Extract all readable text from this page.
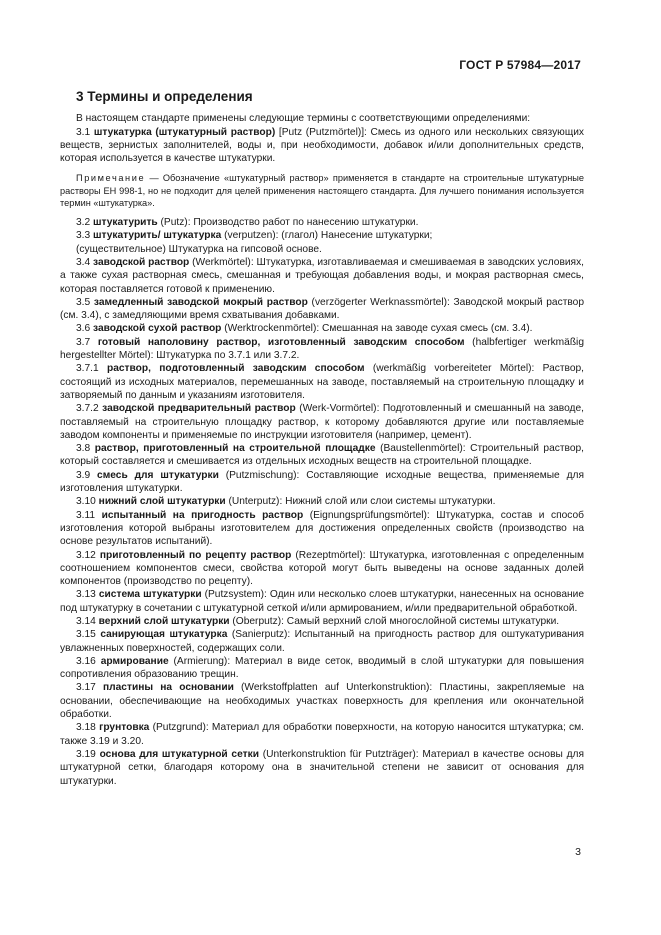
ГОСТ Р 57984—2017
3 Термины и определения

В настоящем стандарте применены следующие термины с соответствующими определениями:

3.1 штукатурка (штукатурный раствор) [Putz (Putzmörtel)]: Смесь из одного или нескольких связующих веществ, зернистых заполнителей, воды и, при необходимости, добавок и/или дополнительных средств, которая используется в качестве штукатурки.

Примечание — Обозначение «штукатурный раствор» применяется в стандарте на строительные штукатурные растворы ЕН 998-1, но не подходит для целей применения настоящего стандарта. Для лучшего понимания используется термин «штукатурка».

3.2 штукатурить (Putz): Производство работ по нанесению штукатурки.

3.3 штукатурить/ штукатурка (verputzen): (глагол) Нанесение штукатурки;

(существительное) Штукатурка на гипсовой основе.

3.4 заводской раствор (Werkmörtel): Штукатурка, изготавливаемая и смешиваемая в заводских условиях, а также сухая растворная смесь, смешанная и требующая добавления воды, и мокрая растворная смесь, которая поставляется готовой к применению.

3.5 замедленный заводской мокрый раствор (verzögerter Werknassmörtel): Заводской мокрый раствор (см. 3.4), с замедляющими время схватывания добавками.

3.6 заводской сухой раствор (Werktrockenmörtel): Смешанная на заводе сухая смесь (см. 3.4).

3.7 готовый наполовину раствор, изготовленный заводским способом (halbfertiger werkmäßig hergestellter Mörtel): Штукатурка по 3.7.1 или 3.7.2.

3.7.1 раствор, подготовленный заводским способом (werkmäßig vorbereiteter Mörtel): Раствор, состоящий из исходных материалов, перемешанных на заводе, поставляемый на строительную площадку и затворяемый по данным и указаниям изготовителя.

3.7.2 заводской предварительный раствор (Werk-Vormörtel): Подготовленный и смешанный на заводе, поставляемый на строительную площадку раствор, к которому добавляются другие или поставляемые заводом компоненты и применяемые по инструкции изготовителя (например, цемент).

3.8 раствор, приготовленный на строительной площадке (Baustellenmörtel): Строительный раствор, который составляется и смешивается из отдельных исходных веществ на строительной площадке.

3.9 смесь для штукатурки (Putzmischung): Составляющие исходные вещества, применяемые для изготовления штукатурки.

3.10 нижний слой штукатурки (Unterputz): Нижний слой или слои системы штукатурки.

3.11 испытанный на пригодность раствор (Eignungsprüfungsmörtel): Штукатурка, состав и способ изготовления которой выбраны изготовителем для достижения определенных свойств (производство на основе результатов испытаний).

3.12 приготовленный по рецепту раствор (Rezeptmörtel): Штукатурка, изготовленная с определенным соотношением компонентов смеси, свойства которой могут быть выведены на основе заданных долей компонентов (производство по рецепту).

3.13 система штукатурки (Putzsystem): Один или несколько слоев штукатурки, нанесенных на основание под штукатурку в сочетании с штукатурной сеткой и/или армированием, и/или предварительной обработкой.

3.14 верхний слой штукатурки (Oberputz): Самый верхний слой многослойной системы штукатурки.

3.15 санирующая штукатурка (Sanierputz): Испытанный на пригодность раствор для оштукатуривания увлажненных поверхностей, содержащих соли.

3.16 армирование (Armierung): Материал в виде сеток, вводимый в слой штукатурки для повышения сопротивления образованию трещин.

3.17 пластины на основании (Werkstoffplatten auf Unterkonstruktion): Пластины, закрепляемые на основании, обеспечивающие на необходимых участках поверхность для крепления или окончательной обработки.

3.18 грунтовка (Putzgrund): Материал для обработки поверхности, на которую наносится штукатурка; см. также 3.19 и 3.20.

3.19 основа для штукатурной сетки (Unterkonstruktion für Putzträger): Материал в качестве основы для штукатурной сетки, благодаря которому она в значительной степени не зависит от основания для штукатурки.

3
